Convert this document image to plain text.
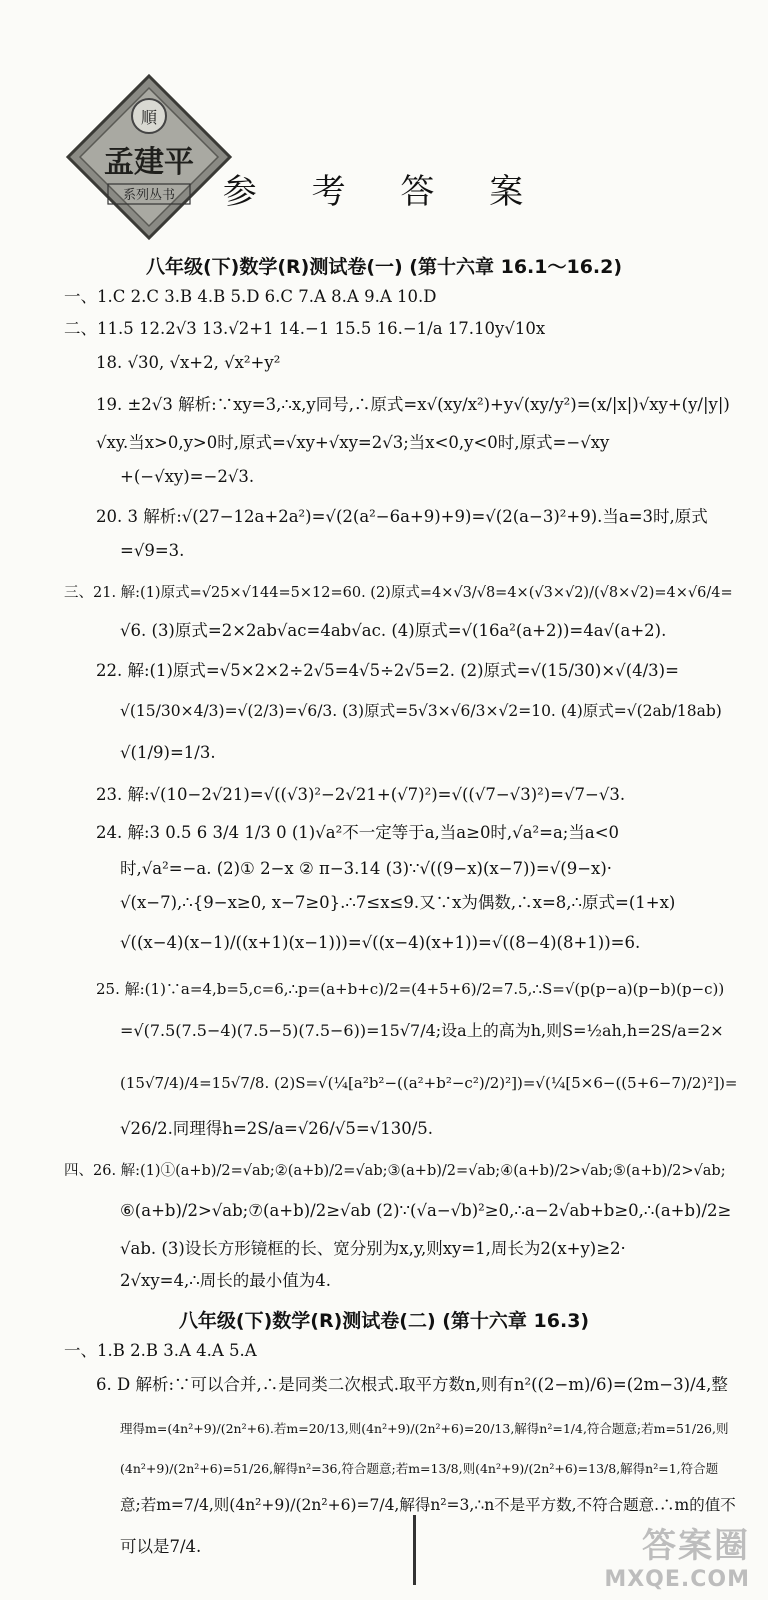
順
孟建平
系列丛书	参 考 答 案
八年级(下)数学(R)测试卷(一) (第十六章 16.1～16.2)
一、1.C 2.C 3.B 4.B 5.D 6.C 7.A 8.A 9.A 10.D
二、11.5 12.2√3 13.√2+1 14.−1 15.5 16.−1/a 17.10y√10x
18. √30, √x+2, √x²+y²
19. ±2√3 解析:∵xy=3,∴x,y同号,∴原式=x√(xy/x²)+y√(xy/y²)=(x/|x|)√xy+(y/|y|)
√xy.当x>0,y>0时,原式=√xy+√xy=2√3;当x<0,y<0时,原式=−√xy
+(−√xy)=−2√3.
20. 3 解析:√(27−12a+2a²)=√(2(a²−6a+9)+9)=√(2(a−3)²+9).当a=3时,原式
=√9=3.
三、21. 解:(1)原式=√25×√144=5×12=60. (2)原式=4×√3/√8=4×(√3×√2)/(√8×√2)=4×√6/4=
√6. (3)原式=2×2ab√ac=4ab√ac. (4)原式=√(16a²(a+2))=4a√(a+2).
22. 解:(1)原式=√5×2×2÷2√5=4√5÷2√5=2. (2)原式=√(15/30)×√(4/3)=
√(15/30×4/3)=√(2/3)=√6/3. (3)原式=5√3×√6/3×√2=10. (4)原式=√(2ab/18ab)
√(1/9)=1/3.
23. 解:√(10−2√21)=√((√3)²−2√21+(√7)²)=√((√7−√3)²)=√7−√3.
24. 解:3 0.5 6 3/4 1/3 0 (1)√a²不一定等于a,当a≥0时,√a²=a;当a<0
时,√a²=−a. (2)① 2−x ② π−3.14 (3)∵√((9−x)(x−7))=√(9−x)·
√(x−7),∴{9−x≥0, x−7≥0}.∴7≤x≤9.又∵x为偶数,∴x=8,∴原式=(1+x)
√((x−4)(x−1)/((x+1)(x−1)))=√((x−4)(x+1))=√((8−4)(8+1))=6.
25. 解:(1)∵a=4,b=5,c=6,∴p=(a+b+c)/2=(4+5+6)/2=7.5,∴S=√(p(p−a)(p−b)(p−c))
=√(7.5(7.5−4)(7.5−5)(7.5−6))=15√7/4;设a上的高为h,则S=½ah,h=2S/a=2×
(15√7/4)/4=15√7/8. (2)S=√(¼[a²b²−((a²+b²−c²)/2)²])=√(¼[5×6−((5+6−7)/2)²])=
√26/2.同理得h=2S/a=√26/√5=√130/5.
四、26. 解:(1)①(a+b)/2=√ab;②(a+b)/2=√ab;③(a+b)/2=√ab;④(a+b)/2>√ab;⑤(a+b)/2>√ab;
⑥(a+b)/2>√ab;⑦(a+b)/2≥√ab (2)∵(√a−√b)²≥0,∴a−2√ab+b≥0,∴(a+b)/2≥
√ab. (3)设长方形镜框的长、宽分别为x,y,则xy=1,周长为2(x+y)≥2·
2√xy=4,∴周长的最小值为4.
八年级(下)数学(R)测试卷(二) (第十六章 16.3)
一、1.B 2.B 3.A 4.A 5.A
6. D 解析:∵可以合并,∴是同类二次根式.取平方数n,则有n²((2−m)/6)=(2m−3)/4,整
理得m=(4n²+9)/(2n²+6).若m=20/13,则(4n²+9)/(2n²+6)=20/13,解得n²=1/4,符合题意;若m=51/26,则
(4n²+9)/(2n²+6)=51/26,解得n²=36,符合题意;若m=13/8,则(4n²+9)/(2n²+6)=13/8,解得n²=1,符合题
意;若m=7/4,则(4n²+9)/(2n²+6)=7/4,解得n²=3,∴n不是平方数,不符合题意.∴m的值不
可以是7/4.	答案圈
MXQE.COM
